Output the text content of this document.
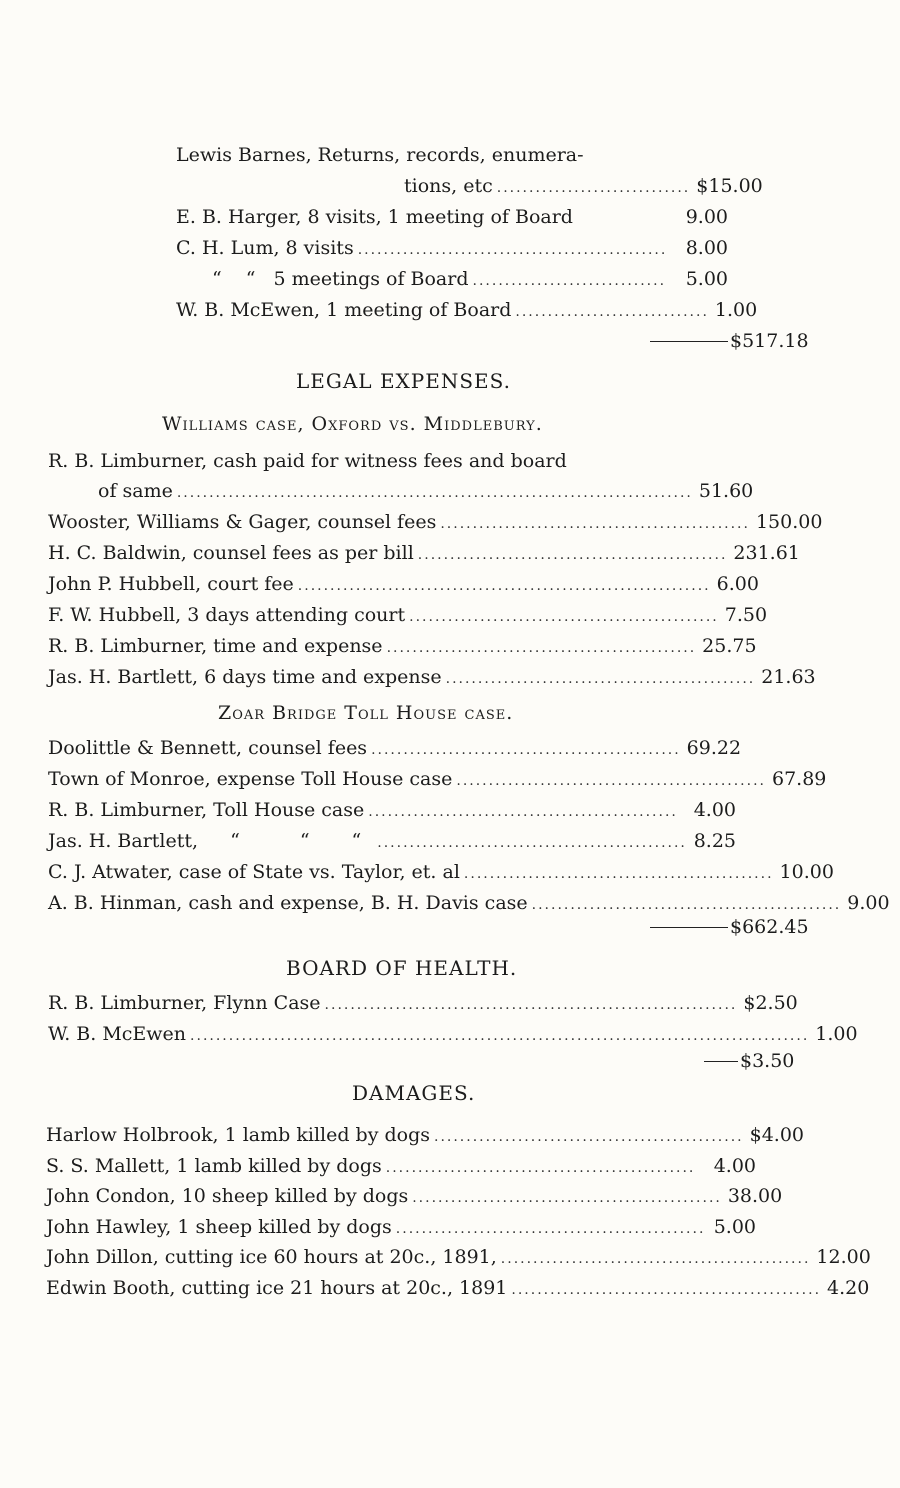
Lewis Barnes, Returns, records, enumera-
tions, etc .............................. $15.00
E. B. Harger, 8 visits, 1 meeting of Board	9.00
C. H. Lum, 8 visits ................................................ 8.00
“ “ 5 meetings of Board ..............................	5.00
W. B. McEwen, 1 meeting of Board .............................. 1.00
$517.18
LEGAL EXPENSES.
Williams case, Oxford vs. Middlebury.
R. B. Limburner, cash paid for witness fees and board
of same ................................................................................ 51.60
Wooster, Williams & Gager, counsel fees ................................................ 150.00
H. C. Baldwin, counsel fees as per bill ................................................ 231.61
John P. Hubbell, court fee ................................................................ 6.00
F. W. Hubbell, 3 days attending court ................................................ 7.50
R. B. Limburner, time and expense ................................................ 25.75
Jas. H. Bartlett, 6 days time and expense ................................................ 21.63
Zoar Bridge Toll House case.
Doolittle & Bennett, counsel fees ................................................ 69.22
Town of Monroe, expense Toll House case ................................................ 67.89
R. B. Limburner, Toll House case ................................................ 4.00
Jas. H. Bartlett, “	“ “	................................................ 8.25
C. J. Atwater, case of State vs. Taylor, et. al ................................................ 10.00
A. B. Hinman, cash and expense, B. H. Davis case ................................................ 9.00
$662.45
BOARD OF HEALTH.
R. B. Limburner, Flynn Case ................................................................ $2.50
W. B. McEwen ................................................................................................ 1.00
$3.50
DAMAGES.
Harlow Holbrook, 1 lamb killed by dogs ................................................ $4.00
S. S. Mallett, 1 lamb killed by dogs ................................................ 4.00
John Condon, 10 sheep killed by dogs ................................................ 38.00
John Hawley, 1 sheep killed by dogs ................................................ 5.00
John Dillon, cutting ice 60 hours at 20c., 1891, ................................................ 12.00
Edwin Booth, cutting ice 21 hours at 20c., 1891 ................................................ 4.20
